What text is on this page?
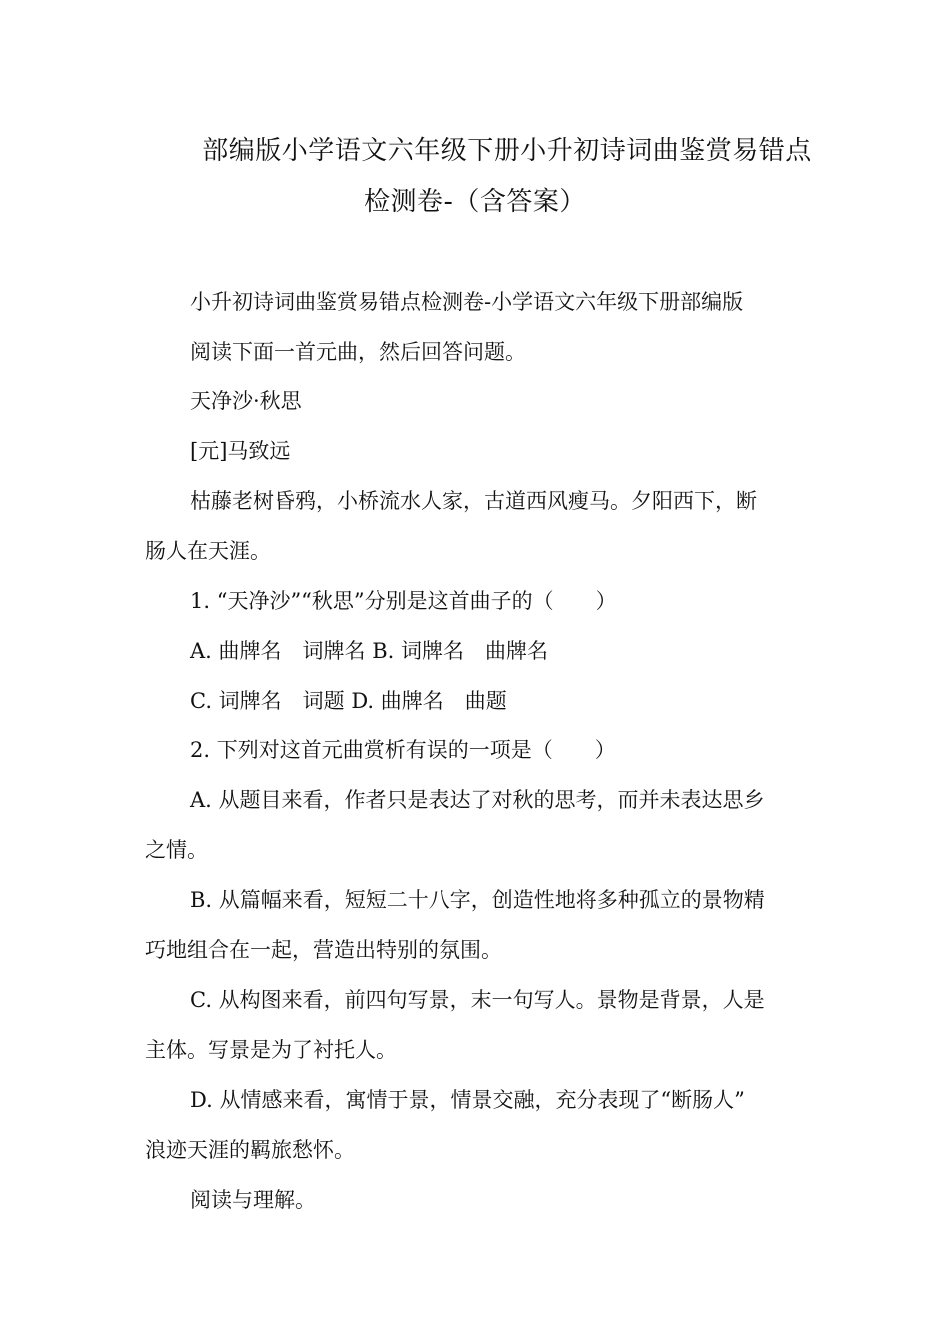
部编版小学语文六年级下册小升初诗词曲鉴赏易错点
检测卷-（含答案）
小升初诗词曲鉴赏易错点检测卷-小学语文六年级下册部编版
阅读下面一首元曲，然后回答问题。
天净沙·秋思
[元]马致远
枯藤老树昏鸦，小桥流水人家，古道西风瘦马。夕阳西下，断
肠人在天涯。
1. “天净沙”“秋思”分别是这首曲子的（　　）
A. 曲牌名　词牌名 B. 词牌名　曲牌名
C. 词牌名　词题 D. 曲牌名　曲题
2. 下列对这首元曲赏析有误的一项是（　　）
A. 从题目来看，作者只是表达了对秋的思考，而并未表达思乡
之情。
B. 从篇幅来看，短短二十八字，创造性地将多种孤立的景物精
巧地组合在一起，营造出特别的氛围。
C. 从构图来看，前四句写景，末一句写人。景物是背景，人是
主体。写景是为了衬托人。
D. 从情感来看，寓情于景，情景交融，充分表现了“断肠人”
浪迹天涯的羁旅愁怀。
阅读与理解。
